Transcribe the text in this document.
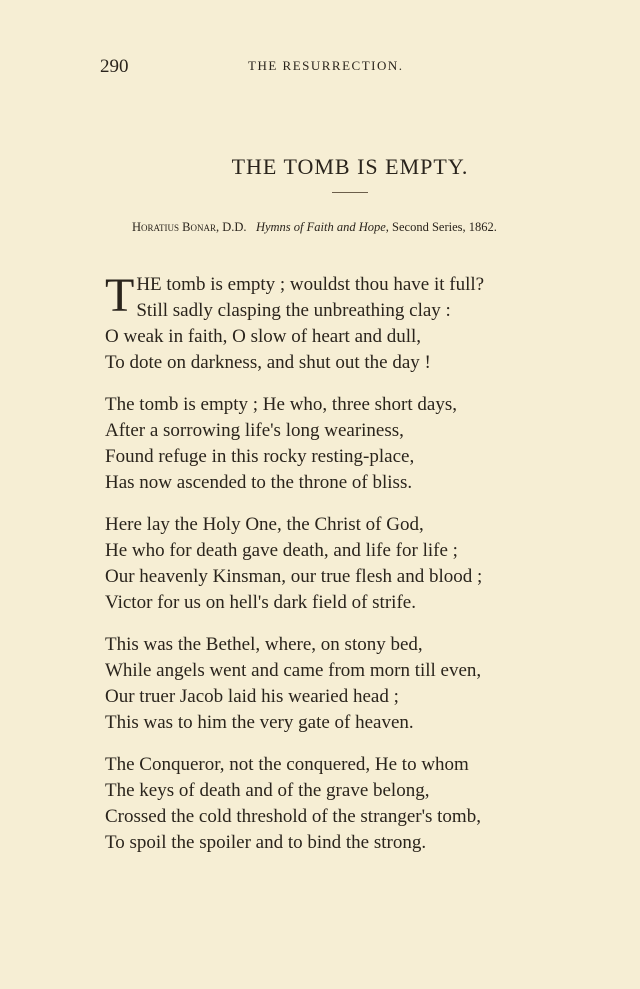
290	THE RESURRECTION.
THE TOMB IS EMPTY.
Horatius Bonar, D.D. Hymns of Faith and Hope, Second Series, 1862.
T HE tomb is empty ; wouldst thou have it full?
Still sadly clasping the unbreathing clay :
O weak in faith, O slow of heart and dull,
To dote on darkness, and shut out the day !
The tomb is empty ; He who, three short days,
After a sorrowing life's long weariness,
Found refuge in this rocky resting-place,
Has now ascended to the throne of bliss.
Here lay the Holy One, the Christ of God,
He who for death gave death, and life for life ;
Our heavenly Kinsman, our true flesh and blood ;
Victor for us on hell's dark field of strife.
This was the Bethel, where, on stony bed,
While angels went and came from morn till even,
Our truer Jacob laid his wearied head ;
This was to him the very gate of heaven.
The Conqueror, not the conquered, He to whom
The keys of death and of the grave belong,
Crossed the cold threshold of the stranger's tomb,
To spoil the spoiler and to bind the strong.
